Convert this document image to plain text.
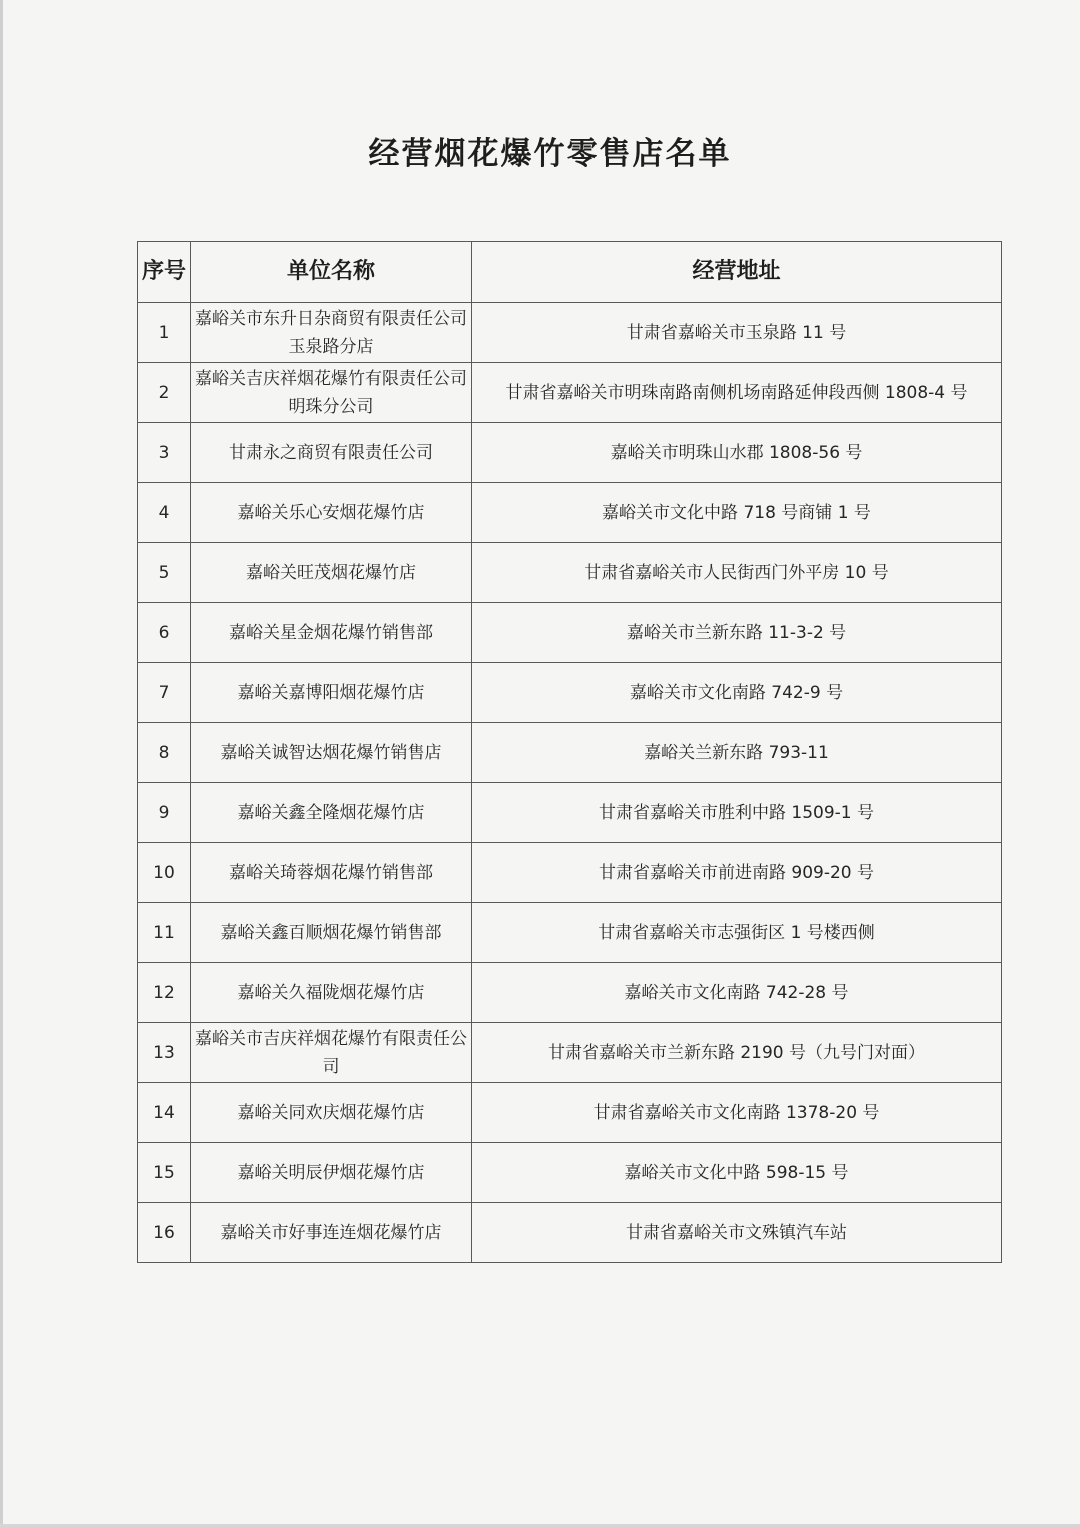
经营烟花爆竹零售店名单
序号	单位名称	经营地址
1	嘉峪关市东升日杂商贸有限责任公司玉泉路分店	甘肃省嘉峪关市玉泉路 11 号
2	嘉峪关吉庆祥烟花爆竹有限责任公司明珠分公司	甘肃省嘉峪关市明珠南路南侧机场南路延伸段西侧 1808-4 号
3	甘肃永之商贸有限责任公司	嘉峪关市明珠山水郡 1808-56 号
4	嘉峪关乐心安烟花爆竹店	嘉峪关市文化中路 718 号商铺 1 号
5	嘉峪关旺茂烟花爆竹店	甘肃省嘉峪关市人民街西门外平房 10 号
6	嘉峪关星金烟花爆竹销售部	嘉峪关市兰新东路 11-3-2 号
7	嘉峪关嘉博阳烟花爆竹店	嘉峪关市文化南路 742-9 号
8	嘉峪关诚智达烟花爆竹销售店	嘉峪关兰新东路 793-11
9	嘉峪关鑫全隆烟花爆竹店	甘肃省嘉峪关市胜利中路 1509-1 号
10	嘉峪关琦蓉烟花爆竹销售部	甘肃省嘉峪关市前进南路 909-20 号
11	嘉峪关鑫百顺烟花爆竹销售部	甘肃省嘉峪关市志强街区 1 号楼西侧
12	嘉峪关久福陇烟花爆竹店	嘉峪关市文化南路 742-28 号
13	嘉峪关市吉庆祥烟花爆竹有限责任公司	甘肃省嘉峪关市兰新东路 2190 号（九号门对面）
14	嘉峪关同欢庆烟花爆竹店	甘肃省嘉峪关市文化南路 1378-20 号
15	嘉峪关明辰伊烟花爆竹店	嘉峪关市文化中路 598-15 号
16	嘉峪关市好事连连烟花爆竹店	甘肃省嘉峪关市文殊镇汽车站
